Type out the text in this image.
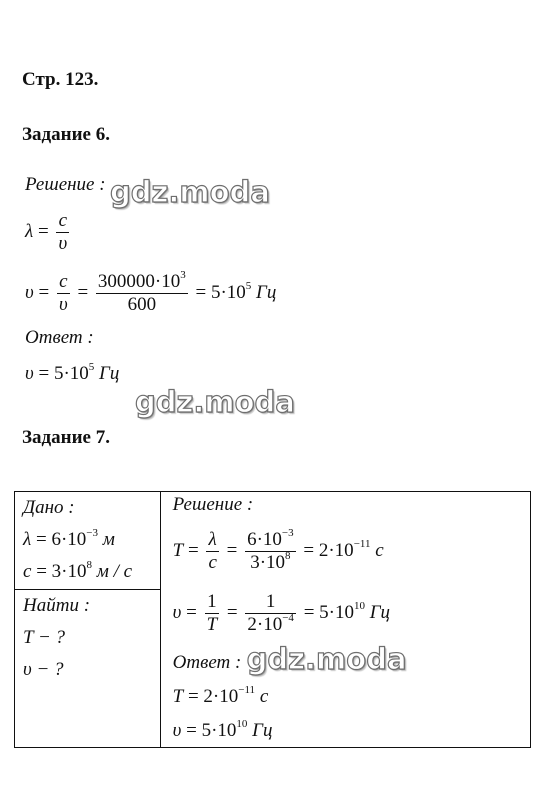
Стр. 123.
Задание 6.
Решение : gdz.moda
$\lambda = \frac{c}{\upsilon}$
$\upsilon = \frac{c}{\upsilon} = \frac{300000\cdot 10^3}{600} = 5\cdot 10^5$ Гц
Ответ :
$\upsilon = 5\cdot 10^5$ Гц
gdz.moda
Задание 7.
Дано :
$\lambda = 6\cdot 10^{-3}$ м
$c = 3\cdot 10^8$ м / с

Решение :
$T = \frac{\lambda}{c} = \frac{6\cdot 10^{-3}}{3\cdot 10^8} = 2\cdot 10^{-11}$ c
$\upsilon = \frac{1}{T} = \frac{1}{2\cdot 10^{-4}} = 5\cdot 10^{10}$ Гц
Ответ :
$T = 2\cdot 10^{-11}$ c
$\upsilon = 5\cdot 10^{10}$ Гц
gdz.moda

Найти :
T − ?
υ − ?
